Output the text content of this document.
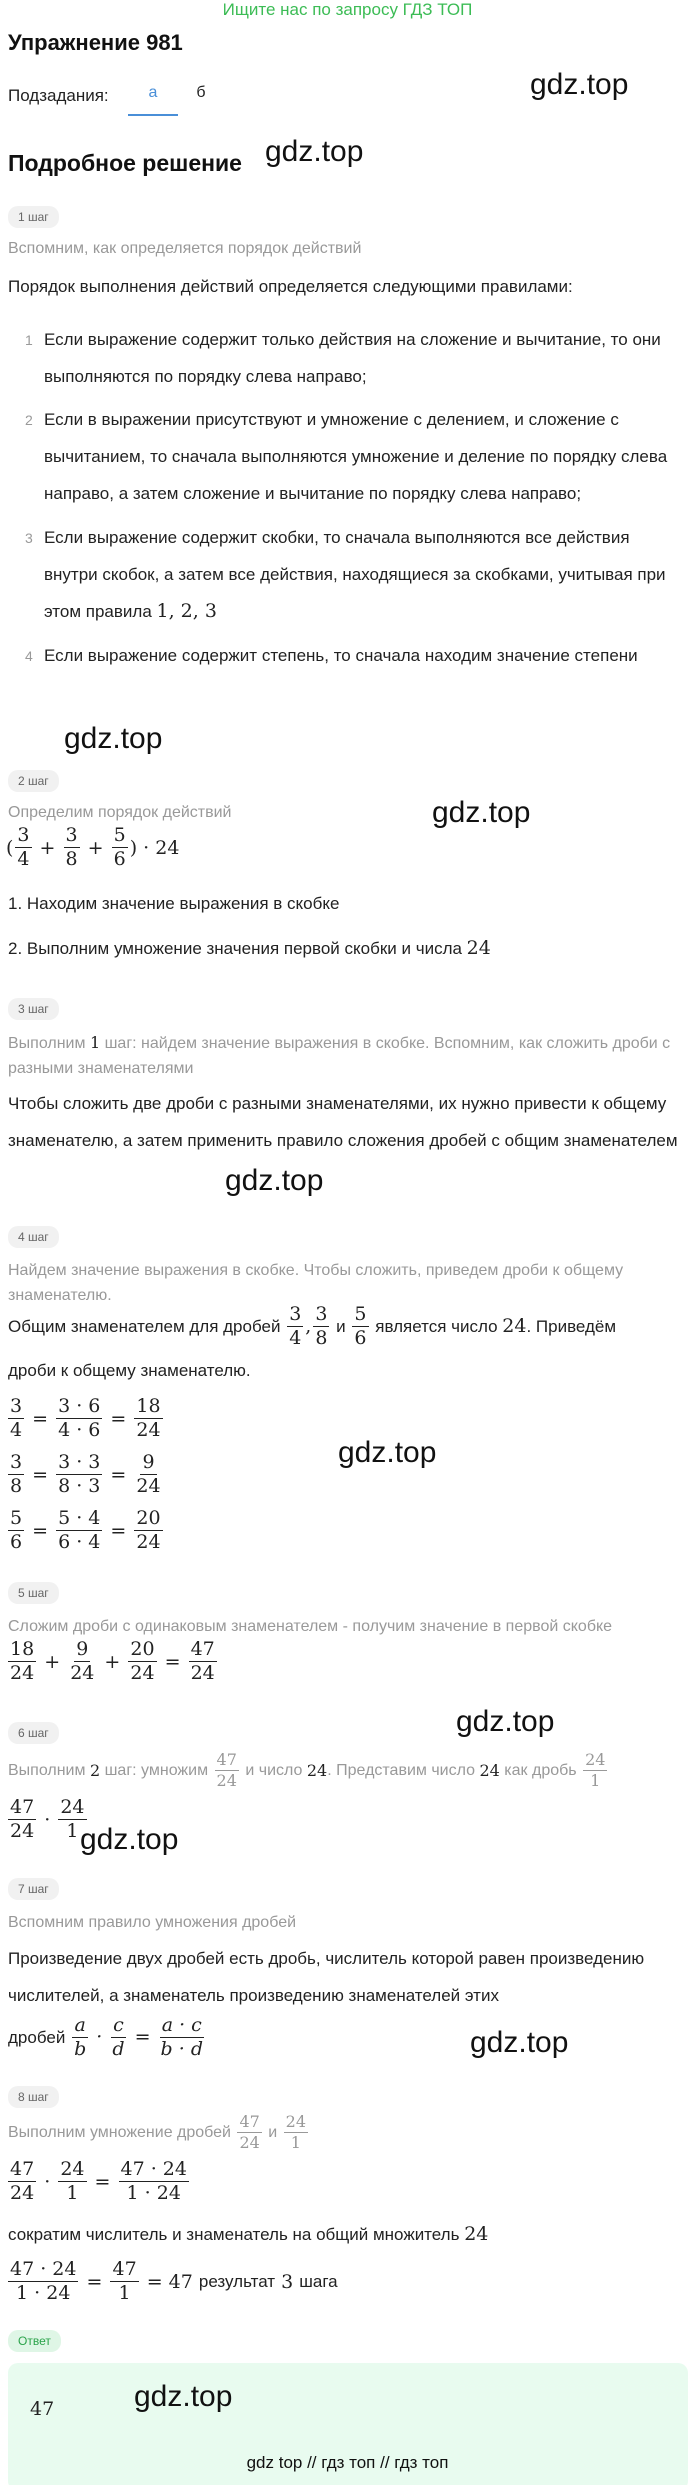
Ищите нас по запросу ГДЗ ТОП
Упражнение 981
Подзадания:	а	б	gdz.top
Подробное решение gdz.top
1 шаг
Вспомним, как определяется порядок действий
Порядок выполнения действий определяется следующими правилами:
1 Если выражение содержит только действия на сложение и вычитание, то они выполняются по порядку слева направо;
2 Если в выражении присутствуют и умножение с делением, и сложение с вычитанием, то сначала выполняются умножение и деление по порядку слева направо, а затем сложение и вычитание по порядку слева направо;
3 Если выражение содержит скобки, то сначала выполняются все действия внутри скобок, а затем все действия, находящиеся за скобками, учитывая при этом правила 1, 2, 3
4 Если выражение содержит степень, то сначала находим значение степени
gdz.top
2 шаг
Определим порядок действий	gdz.top
( $\frac{3}{4} + \frac{3}{8} + \frac{5}{6}$ ) · 24
1. Находим значение выражения в скобке
2. Выполним умножение значения первой скобки и числа 24
3 шаг
Выполним 1 шаг: найдем значение выражения в скобке. Вспомним, как сложить дроби с разными знаменателями
Чтобы сложить две дроби с разными знаменателями, их нужно привести к общему знаменателю, а затем применить правило сложения дробей с общим знаменателем
gdz.top
4 шаг
Найдем значение выражения в скобке. Чтобы сложить, приведем дроби к общему знаменателю.
Общим знаменателем для дробей
$\frac{3}{4}$ , $\frac{3}{8}$
и
$\frac{5}{6}$
является число
24 . Приведём
дроби к общему знаменателю.
$\frac{3}{4} = \frac{3 \cdot 6}{4 \cdot 6} = \frac{18}{24}$
$\frac{3}{8} = \frac{3 \cdot 3}{8 \cdot 3} = \frac{9}{24}$
$\frac{5}{6} = \frac{5 \cdot 4}{6 \cdot 4} = \frac{20}{24}$
gdz.top
5 шаг
Сложим дроби с одинаковым знаменателем - получим значение в первой скобке
$\frac{18}{24} + \frac{9}{24} + \frac{20}{24} = \frac{47}{24}$
gdz.top
6 шаг
Выполним
2
шаг: умножим
$\frac{47}{24}$
и число
24 . Представим число
24
как дробь
$\frac{24}{1}$
$\frac{47}{24} \cdot \frac{24}{1}$
gdz.top
7 шаг
Вспомним правило умножения дробей
Произведение двух дробей есть дробь, числитель которой равен произведению числителей, а знаменатель произведению знаменателей этих
дробей
$\frac{a}{b} \cdot \frac{c}{d} = \frac{a \cdot c}{b \cdot d}$	gdz.top
8 шаг
Выполним умножение дробей
$\frac{47}{24}$
и
$\frac{24}{1}$
$\frac{47}{24} \cdot \frac{24}{1} = \frac{47 \cdot 24}{1 \cdot 24}$
сократим числитель и знаменатель на общий множитель 24
$\frac{47 \cdot 24}{1 \cdot 24} = \frac{47}{1} = 47$ результат
3
шага
Ответ
47	gdz.top
gdz top // гдз топ // гдз топ
